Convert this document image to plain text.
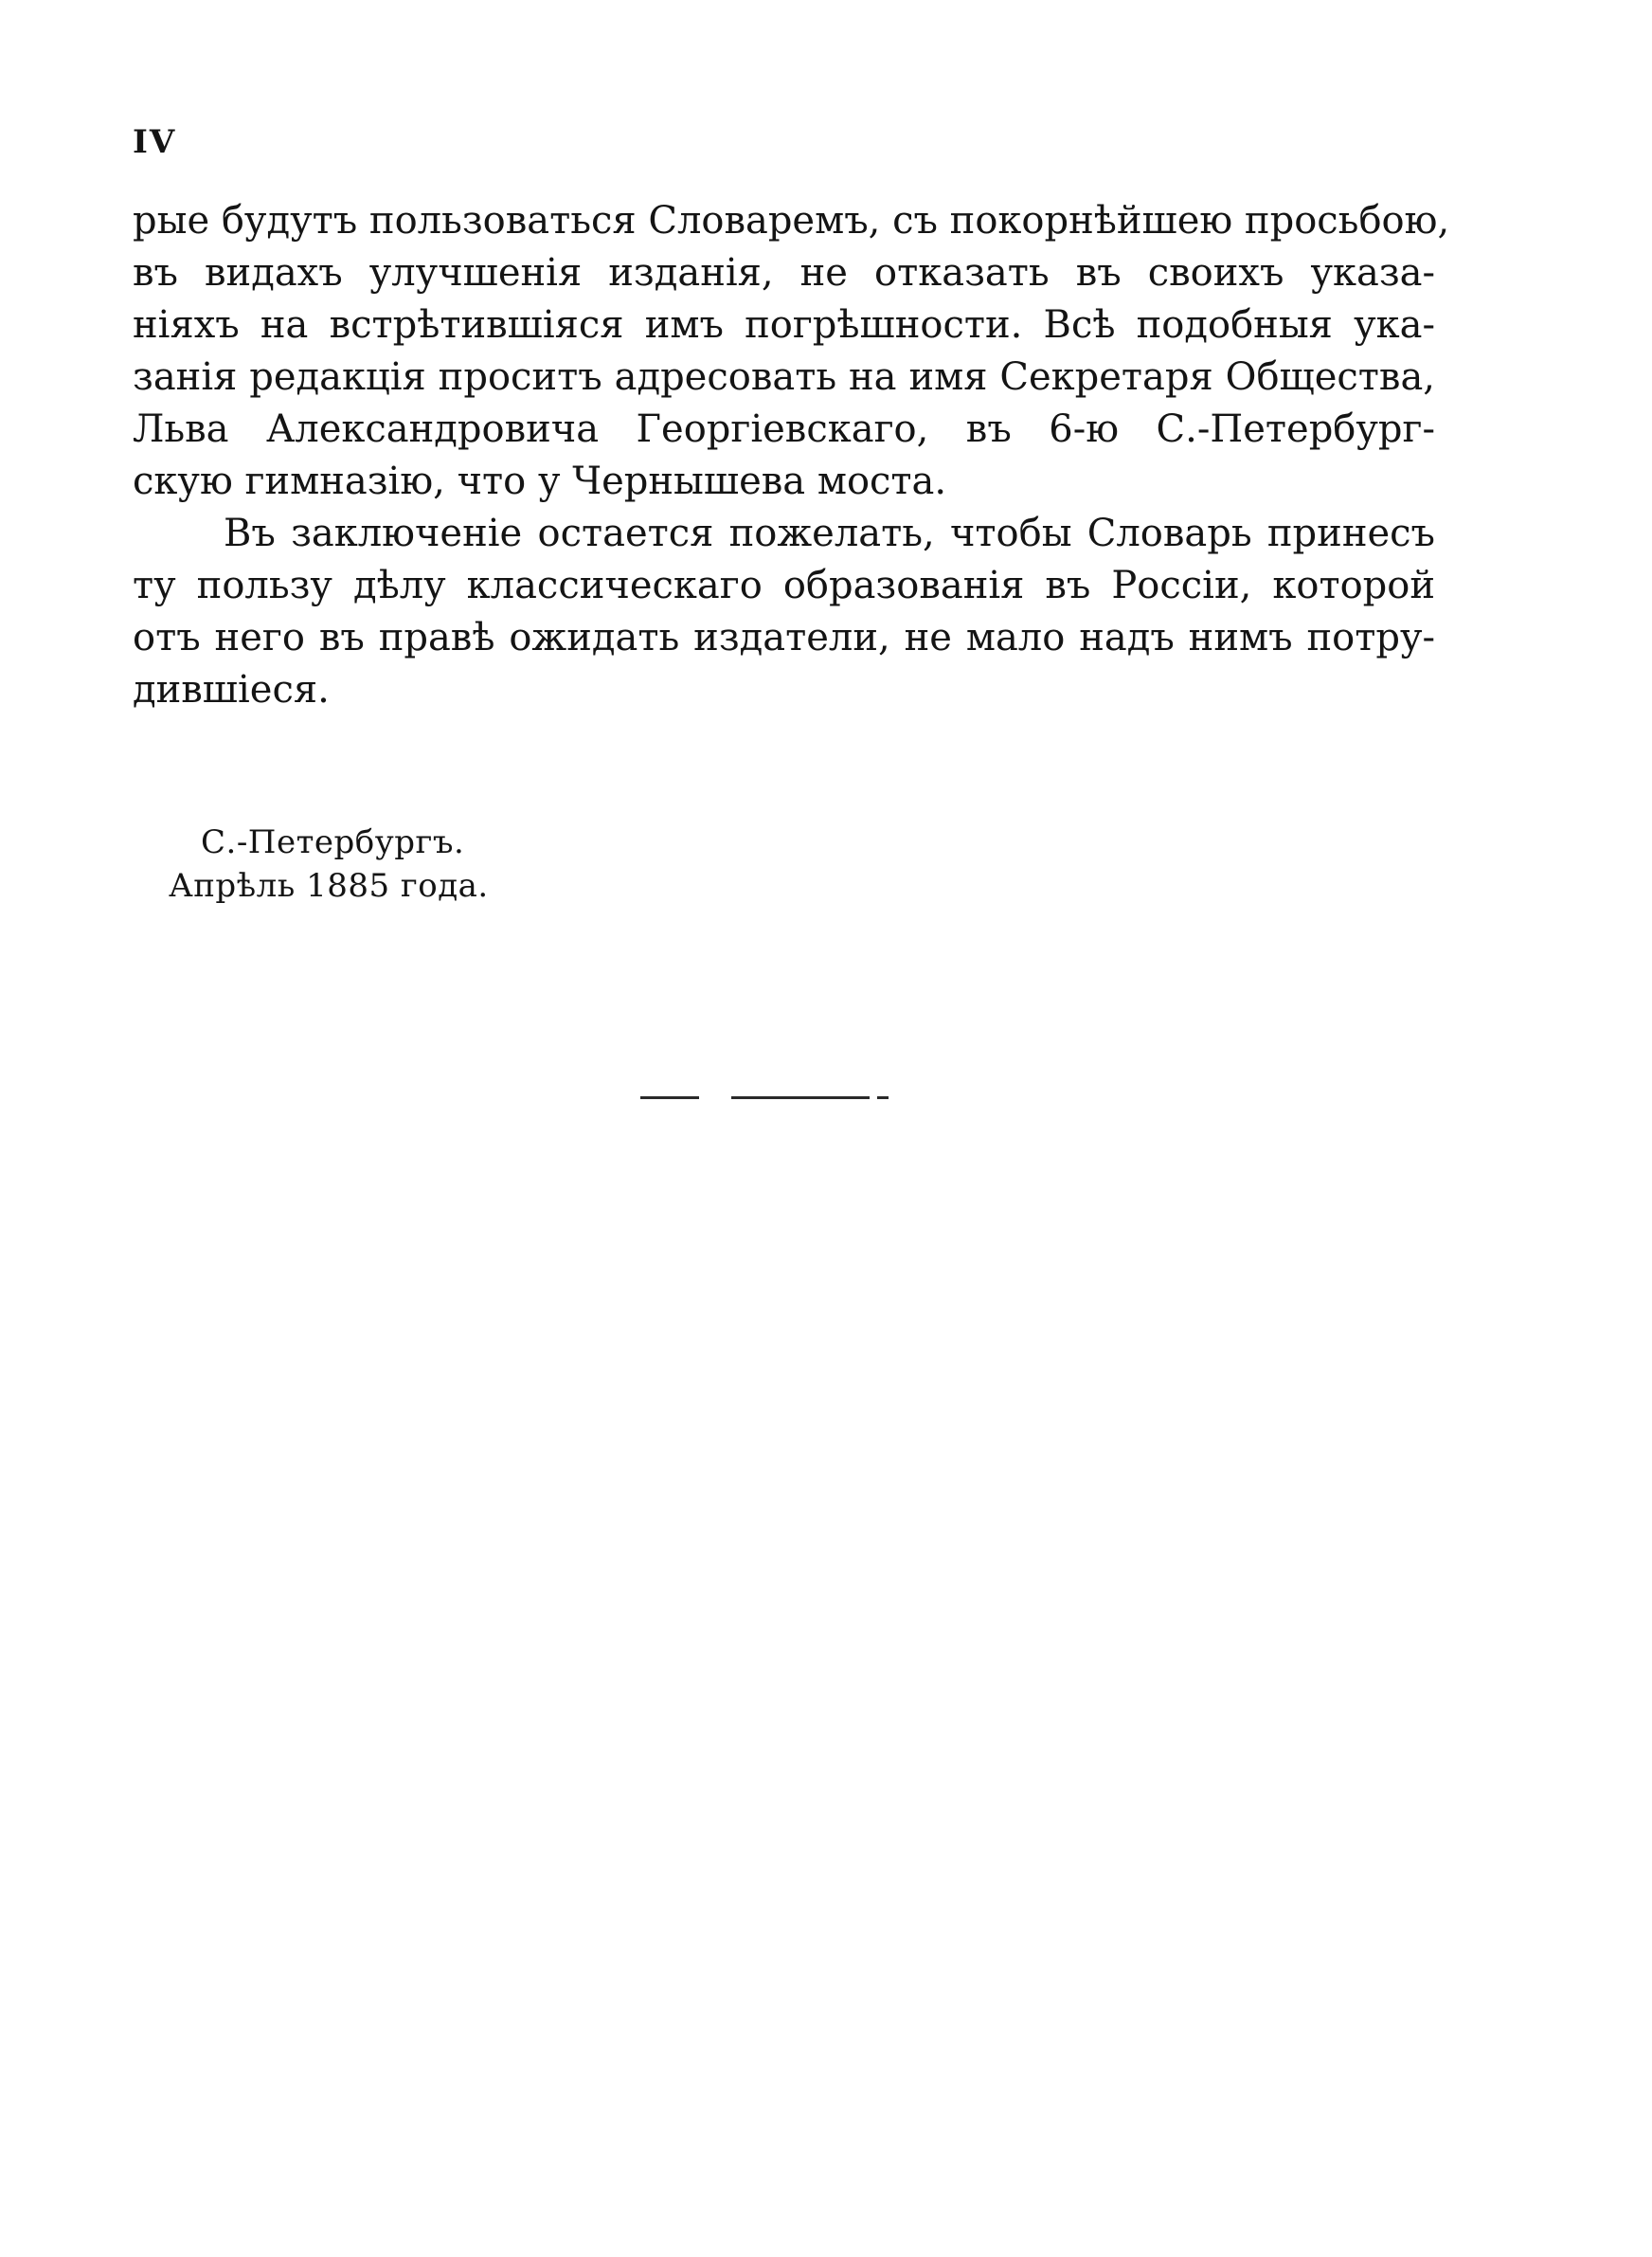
IV
рые будутъ пользоваться Словаремъ, съ покорнѣйшею просьбою,
въ видахъ улучшенія изданія, не отказать въ своихъ указа-
ніяхъ на встрѣтившіяся имъ погрѣшности. Всѣ подобныя ука-
занія редакція проситъ адресовать на имя Секретаря Общества,
Льва Александровича Георгіевскаго, въ 6-ю С.-Петербург-
скую гимназію, что у Чернышева моста.
Въ заключеніе остается пожелать, чтобы Словарь принесъ
ту пользу дѣлу классическаго образованія въ Россіи, которой
отъ него въ правѣ ожидать издатели, не мало надъ нимъ потру-
дившіеся.
С.-Петербургъ.
Апрѣль 1885 года.
